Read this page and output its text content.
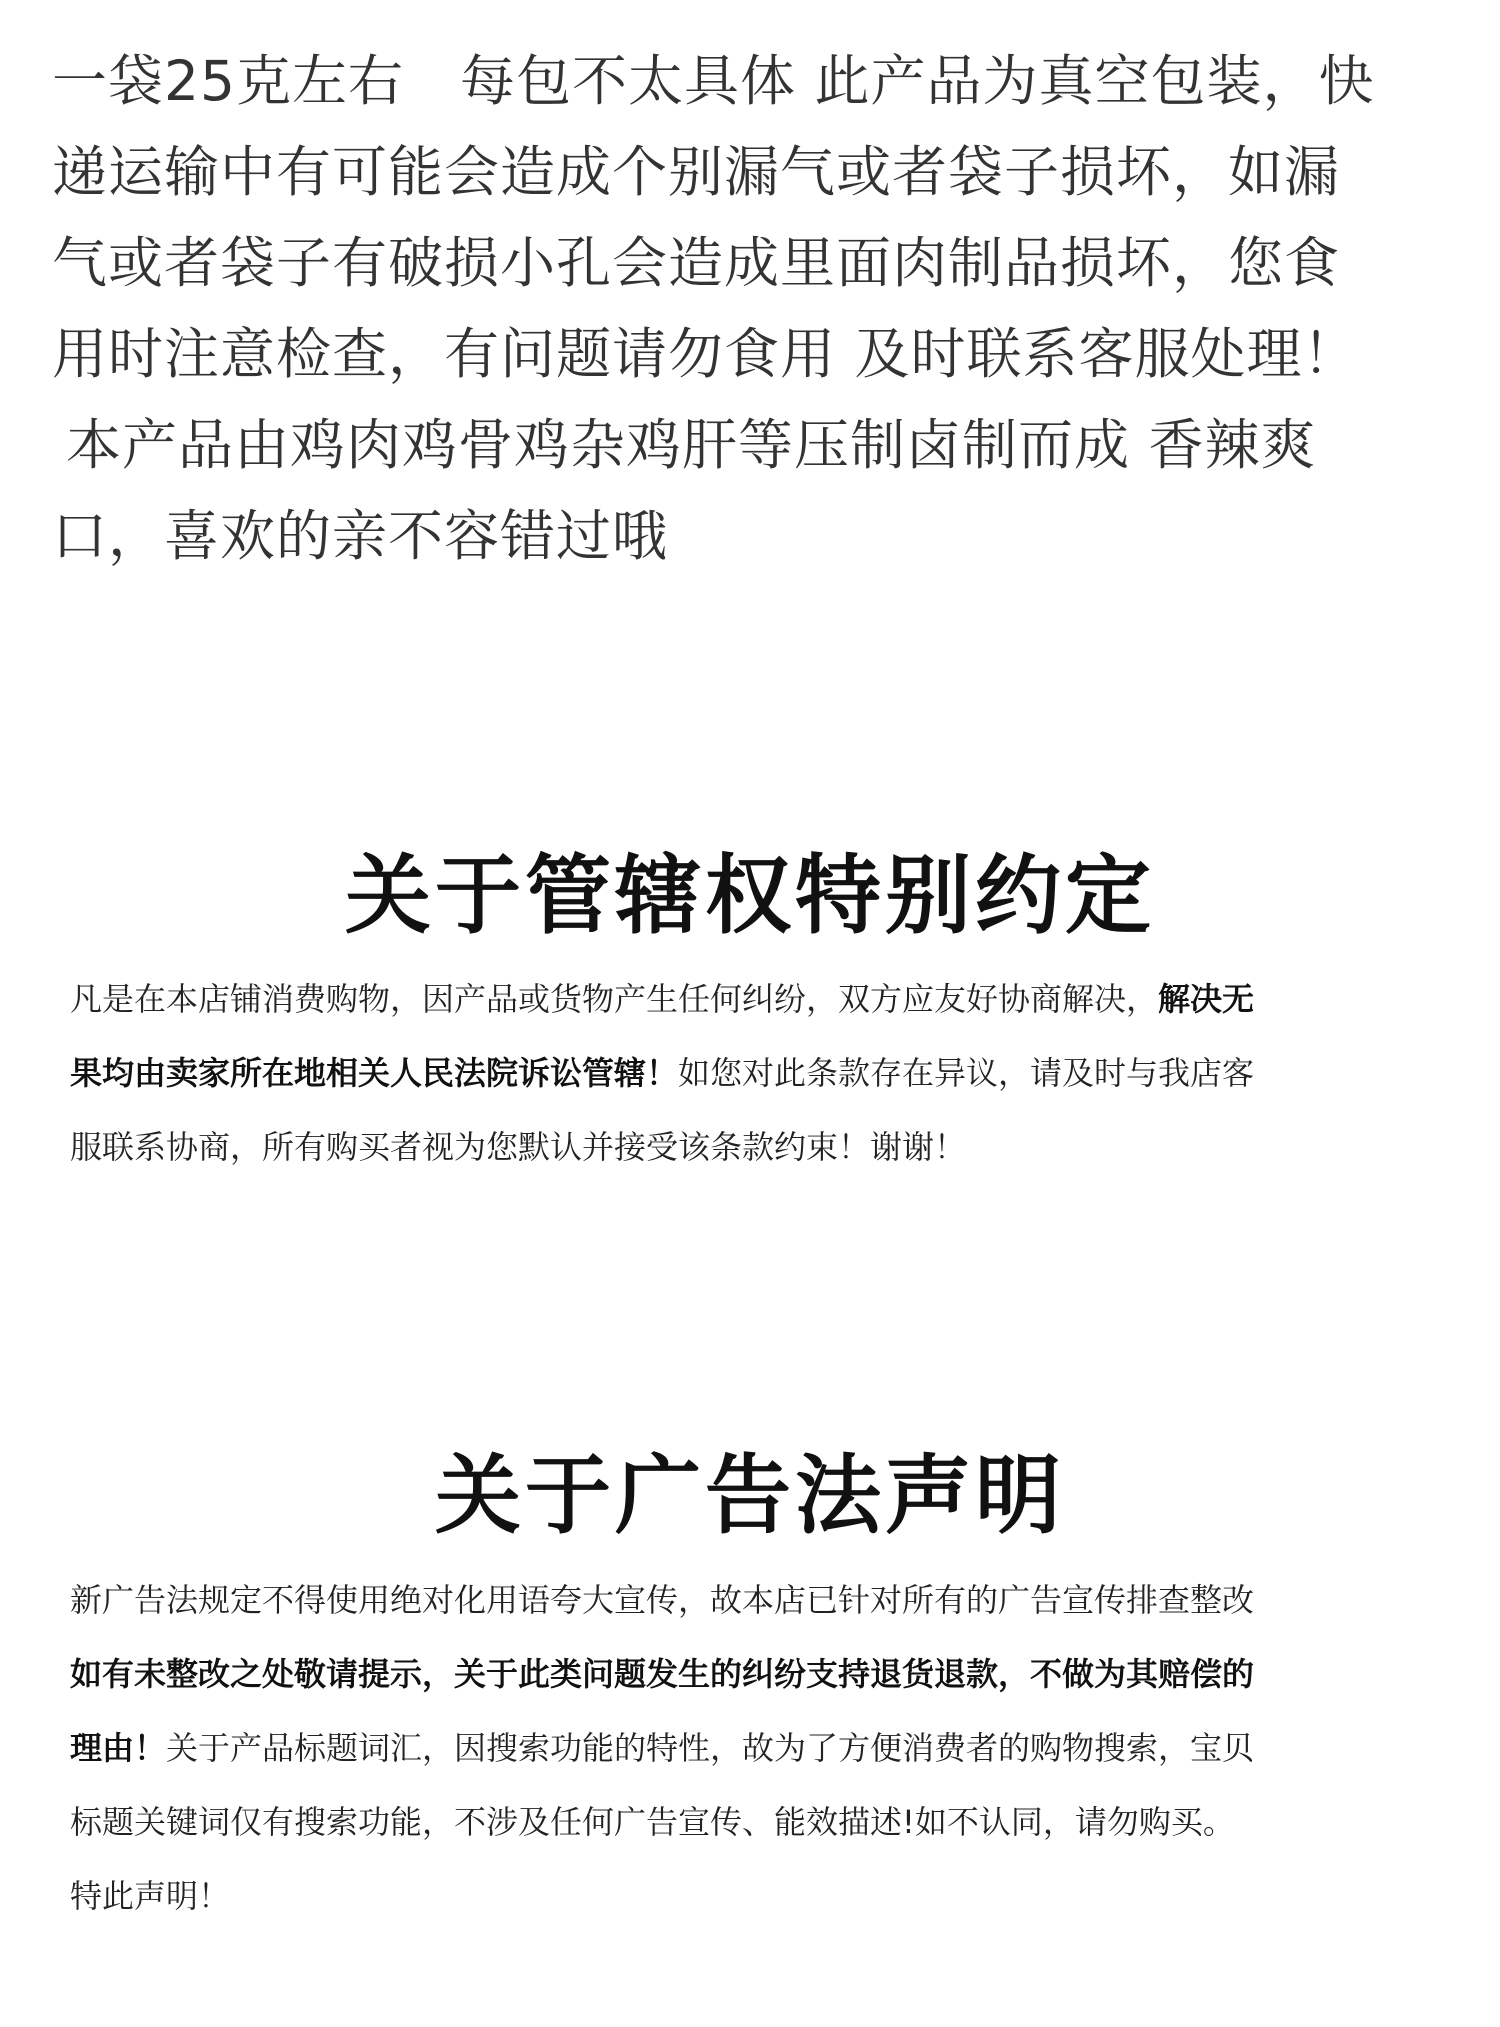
一袋25克左右　每包不太具体 此产品为真空包装，快

递运输中有可能会造成个别漏气或者袋子损坏，如漏

气或者袋子有破损小孔会造成里面肉制品损坏，您食

用时注意检查，有问题请勿食用 及时联系客服处理！

本产品由鸡肉鸡骨鸡杂鸡肝等压制卤制而成 香辣爽

口，喜欢的亲不容错过哦

关于管辖权特别约定

凡是在本店铺消费购物，因产品或货物产生任何纠纷，双方应友好协商解决，解决无

果均由卖家所在地相关人民法院诉讼管辖！如您对此条款存在异议，请及时与我店客

服联系协商，所有购买者视为您默认并接受该条款约束！谢谢！

关于广告法声明

新广告法规定不得使用绝对化用语夸大宣传，故本店已针对所有的广告宣传排查整改

如有未整改之处敬请提示，关于此类问题发生的纠纷支持退货退款，不做为其赔偿的

理由！关于产品标题词汇，因搜索功能的特性，故为了方便消费者的购物搜索，宝贝

标题关键词仅有搜索功能，不涉及任何广告宣传、能效描述!如不认同，请勿购买。

特此声明！
